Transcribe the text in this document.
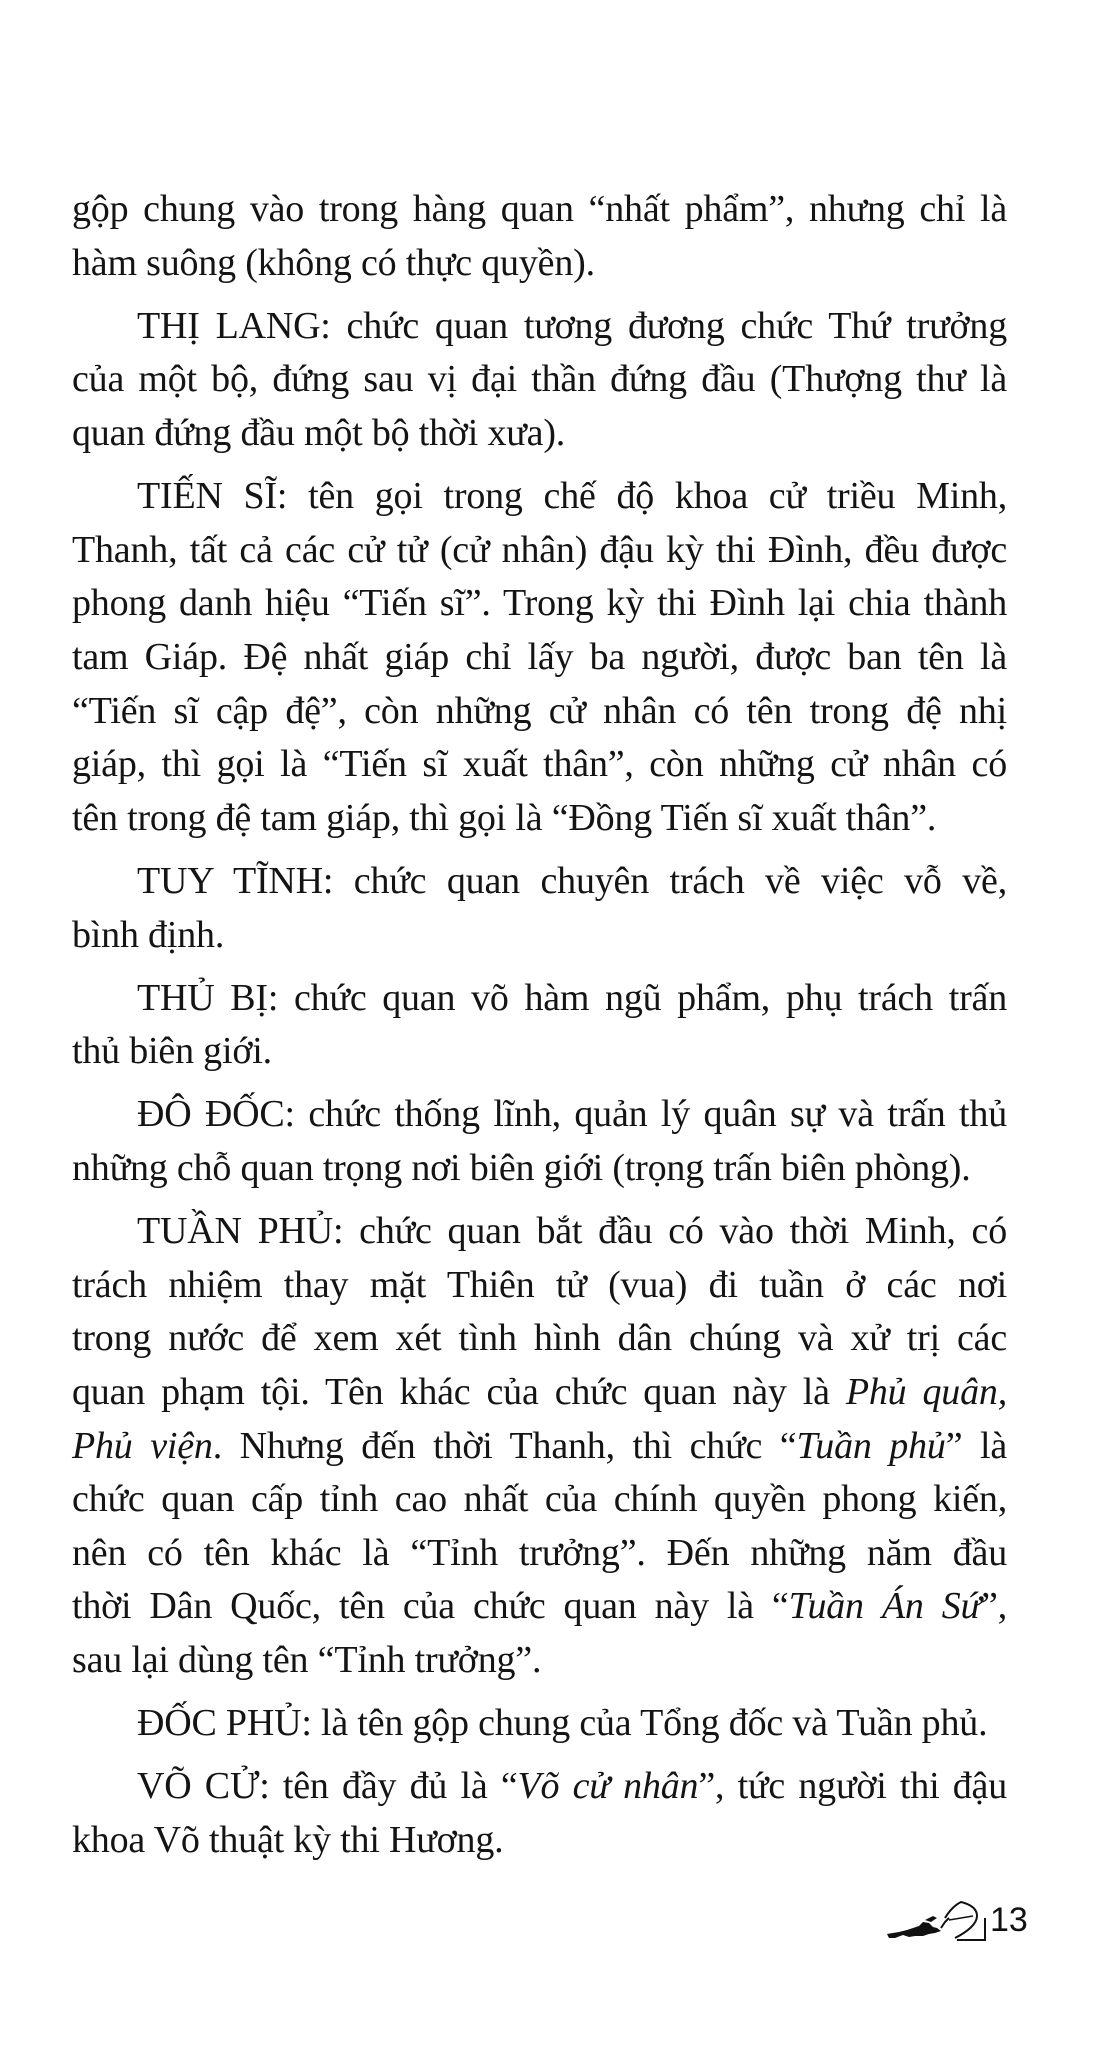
gộp chung vào trong hàng quan “nhất phẩm”, nhưng chỉ là
hàm suông (không có thực quyền).
THỊ LANG: chức quan tương đương chức Thứ trưởng
của một bộ, đứng sau vị đại thần đứng đầu (Thượng thư là
quan đứng đầu một bộ thời xưa).
TIẾN SĨ: tên gọi trong chế độ khoa cử triều Minh,
Thanh, tất cả các cử tử (cử nhân) đậu kỳ thi Đình, đều được
phong danh hiệu “Tiến sĩ”. Trong kỳ thi Đình lại chia thành
tam Giáp. Đệ nhất giáp chỉ lấy ba người, được ban tên là
“Tiến sĩ cập đệ”, còn những cử nhân có tên trong đệ nhị
giáp, thì gọi là “Tiến sĩ xuất thân”, còn những cử nhân có
tên trong đệ tam giáp, thì gọi là “Đồng Tiến sĩ xuất thân”.
TUY TĨNH: chức quan chuyên trách về việc vỗ về,
bình định.
THỦ BỊ: chức quan võ hàm ngũ phẩm, phụ trách trấn
thủ biên giới.
ĐÔ ĐỐC: chức thống lĩnh, quản lý quân sự và trấn thủ
những chỗ quan trọng nơi biên giới (trọng trấn biên phòng).
TUẦN PHỦ: chức quan bắt đầu có vào thời Minh, có
trách nhiệm thay mặt Thiên tử (vua) đi tuần ở các nơi
trong nước để xem xét tình hình dân chúng và xử trị các
quan phạm tội. Tên khác của chức quan này là Phủ quân,
Phủ viện. Nhưng đến thời Thanh, thì chức “Tuần phủ” là
chức quan cấp tỉnh cao nhất của chính quyền phong kiến,
nên có tên khác là “Tỉnh trưởng”. Đến những năm đầu
thời Dân Quốc, tên của chức quan này là “Tuần Án Sứ”,
sau lại dùng tên “Tỉnh trưởng”.
ĐỐC PHỦ: là tên gộp chung của Tổng đốc và Tuần phủ.
VÕ CỬ: tên đầy đủ là “Võ cử nhân”, tức người thi đậu
khoa Võ thuật kỳ thi Hương.
13
